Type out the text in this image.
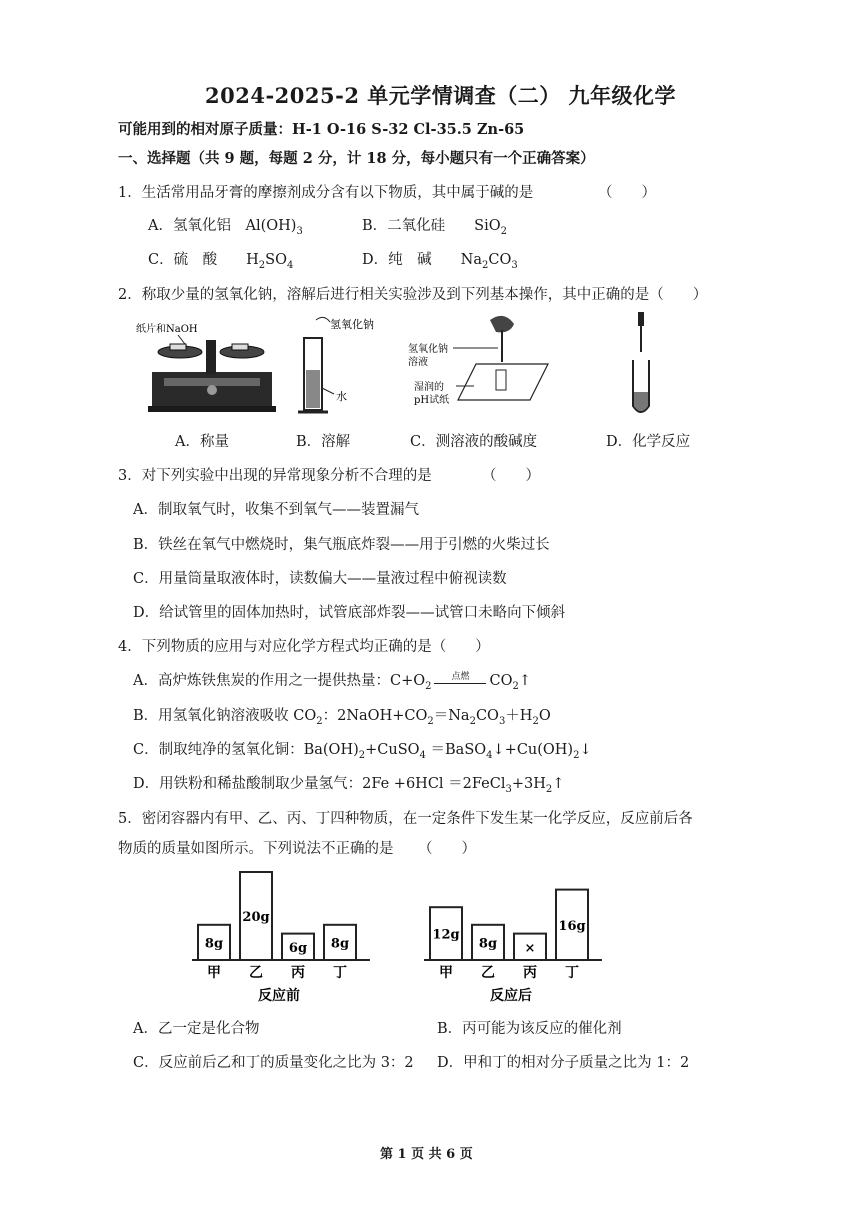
2024-2025-2 单元学情调查（二） 九年级化学
可能用到的相对原子质量：H-1 O-16 S-32 Cl-35.5 Zn-65
一、选择题（共 9 题，每题 2 分，计 18 分，每小题只有一个正确答案）
1．生活常用品牙膏的摩擦剂成分含有以下物质，其中属于碱的是	（　　）
A．氢氧化铝　 $Al(OH)_3$	B．二氧化硅　　 SiO$_2$
C．硫　酸　　 $H_2SO_4$	D．纯　碱　　 $Na_2CO_3$
2．称取少量的氢氧化钠，溶解后进行相关实验涉及到下列基本操作，其中正确的是（　　）
纸片和NaOH	氢氧化钠
水
氢氧化钠溶液
湿润的 pH试纸
A．称量	B．溶解	C．测溶液的酸碱度	D．化学反应
3．对下列实验中出现的异常现象分析不合理的是	（　　）
A．制取氧气时，收集不到氧气——装置漏气
B．铁丝在氧气中燃烧时，集气瓶底炸裂——用于引燃的火柴过长
C．用量筒量取液体时，读数偏大——量液过程中俯视读数
D．给试管里的固体加热时，试管底部炸裂——试管口未略向下倾斜
4．下列物质的应用与对应化学方程式均正确的是（　　）
A．高炉炼铁焦炭的作用之一提供热量：$C+O_2$
点燃	$CO_2↑$
B．用氢氧化钠溶液吸收 $CO_2$：$2NaOH+CO_2=Na_2CO_3+H_2O$
C．制取纯净的氢氧化铜：$Ba(OH)_2+CuSO_4$ $=BaSO_4↓+Cu(OH)_2↓$
D．用铁粉和稀盐酸制取少量氢气：$2Fe +6HCl =2FeCl_3+3H_2↑$
5．密闭容器内有甲、乙、丙、丁四种物质，在一定条件下发生某一化学反应，反应前后各
物质的质量如图所示。下列说法不正确的是 （　　）
8g
甲
20g
乙
6g
丙
8g
丁
反应前
12g
甲
8g
乙
×
丙
16g
丁
反应后
A．乙一定是化合物	B．丙可能为该反应的催化剂
C．反应前后乙和丁的质量变化之比为 3：2 D．甲和丁的相对分子质量之比为 1：2
第 1 页 共 6 页
